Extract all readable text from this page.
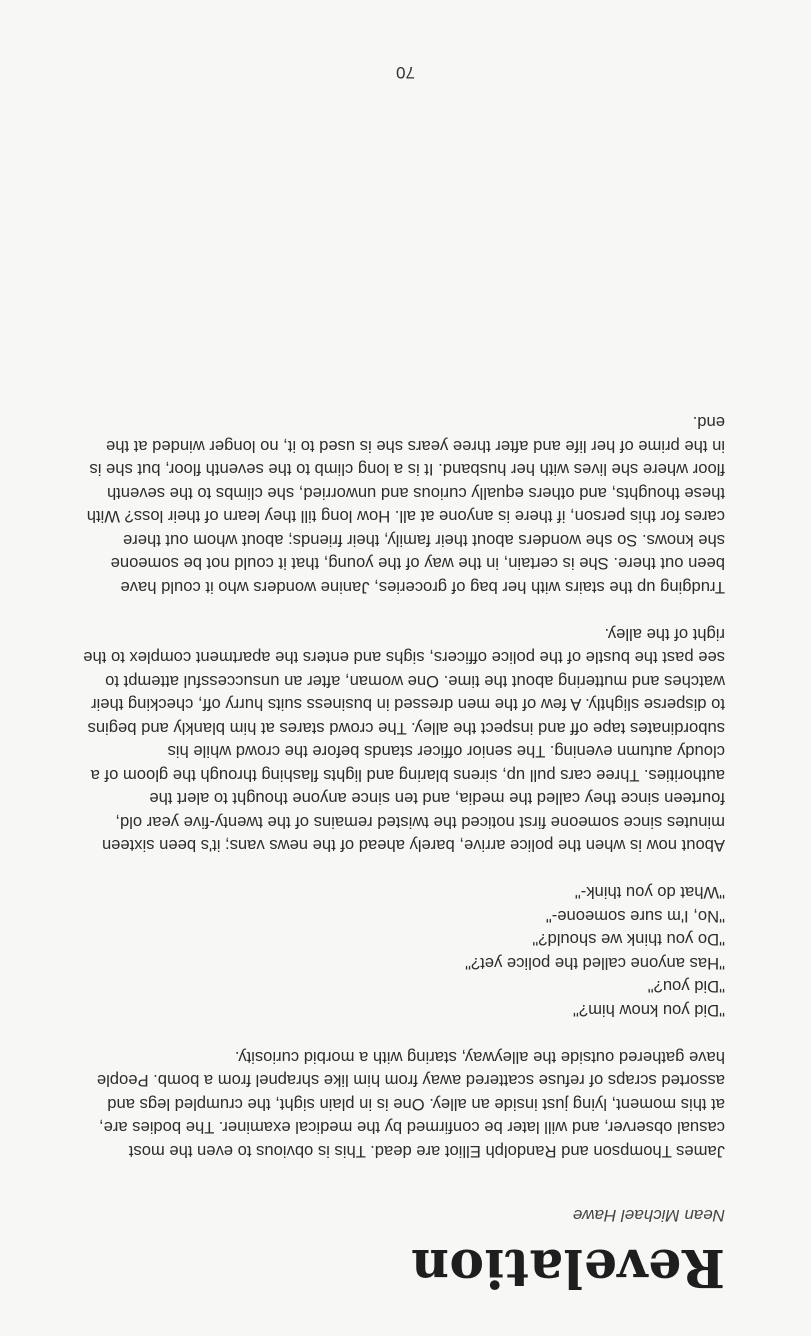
Revelation

Nean Michael Hawe

James Thompson and Randolph Elliot are dead. This is obvious to even the most casual observer, and will later be confirmed by the medical examiner. The bodies are, at this moment, lying just inside an alley. One is in plain sight, the crumpled legs and assorted scraps of refuse scattered away from him like shrapnel from a bomb. People have gathered outside the alleyway, staring with a morbid curiosity.

"Did you know him?"

"Did you?"

"Has anyone called the police yet?"

"Do you think we should?"

"No, I'm sure someone-"

"What do you think-"

About now is when the police arrive, barely ahead of the news vans; it's been sixteen minutes since someone first noticed the twisted remains of the twenty-five year old, fourteen since they called the media, and ten since anyone thought to alert the authorities. Three cars pull up, sirens blaring and lights flashing through the gloom of a cloudy autumn evening. The senior officer stands before the crowd while his subordinates tape off and inspect the alley. The crowd stares at him blankly and begins to disperse slightly. A few of the men dressed in business suits hurry off, checking their watches and muttering about the time. One woman, after an unsuccessful attempt to see past the bustle of the police officers, sighs and enters the apartment complex to the right of the alley.

Trudging up the stairs with her bag of groceries, Janine wonders who it could have been out there. She is certain, in the way of the young, that it could not be someone she knows. So she wonders about their family, their friends; about whom out there cares for this person, if there is anyone at all. How long till they learn of their loss? With these thoughts, and others equally curious and unworried, she climbs to the seventh floor where she lives with her husband. It is a long climb to the seventh floor, but she is in the prime of her life and after three years she is used to it, no longer winded at the end.

70
